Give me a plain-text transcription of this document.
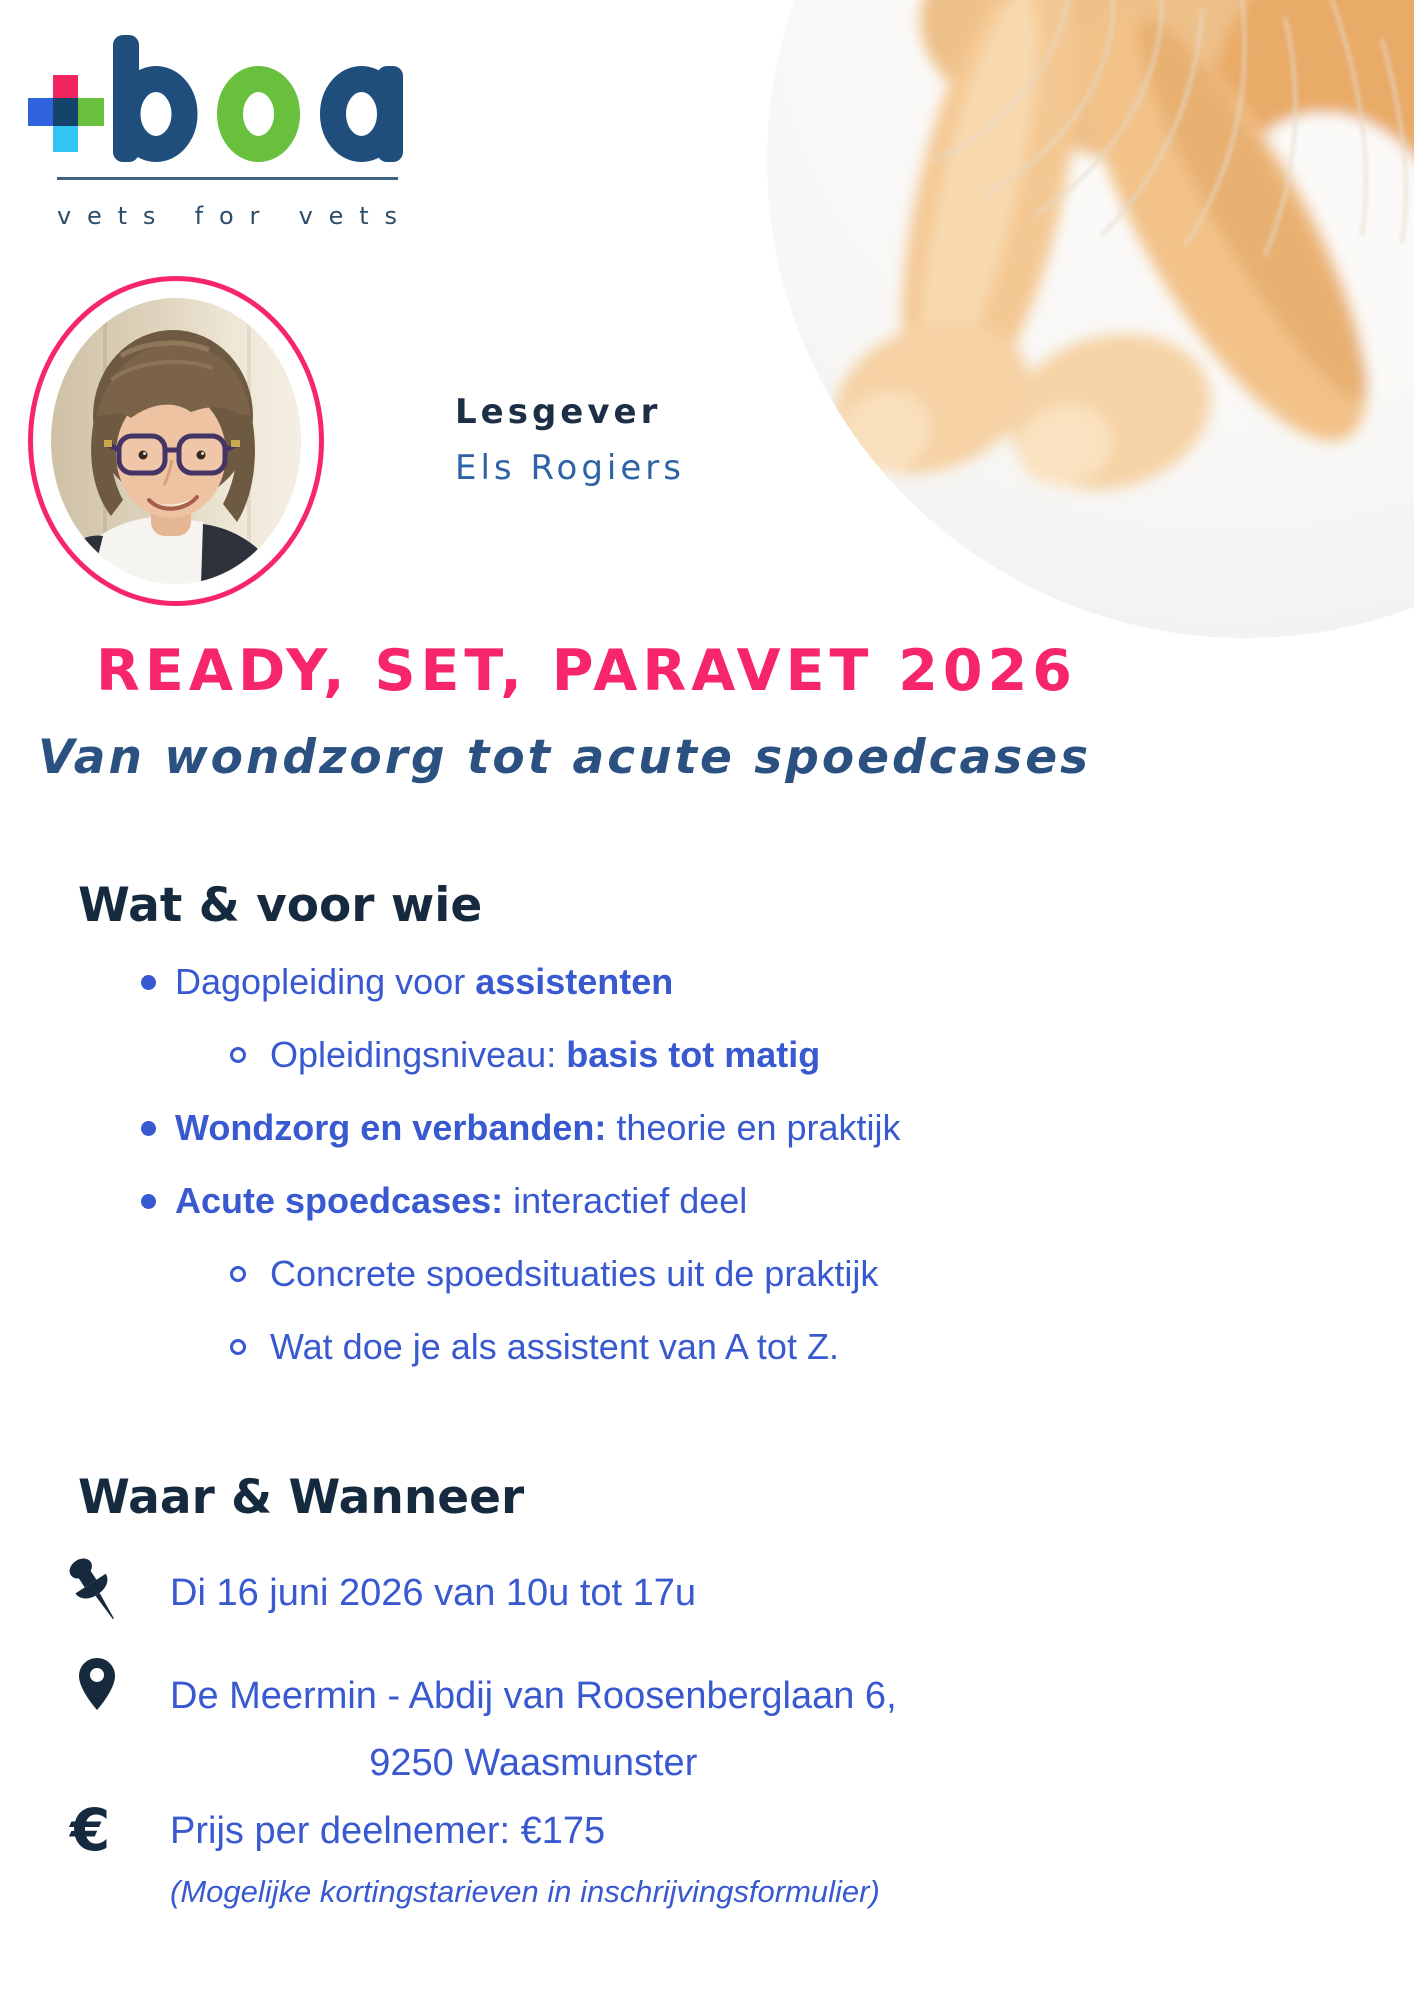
vets for vets
Lesgever
Els Rogiers
READY, SET, PARAVET 2026
Van wondzorg tot acute spoedcases
Wat & voor wie
Dagopleiding voor assistenten
Opleidingsniveau: basis tot matig
Wondzorg en verbanden: theorie en praktijk
Acute spoedcases: interactief deel
Concrete spoedsituaties uit de praktijk
Wat doe je als assistent van A tot Z.
Waar & Wanneer
Di 16 juni 2026 van 10u tot 17u
De Meermin - Abdij van Roosenberglaan 6,
9250 Waasmunster
Prijs per deelnemer: €175
(Mogelijke kortingstarieven in inschrijvingsformulier)
€
